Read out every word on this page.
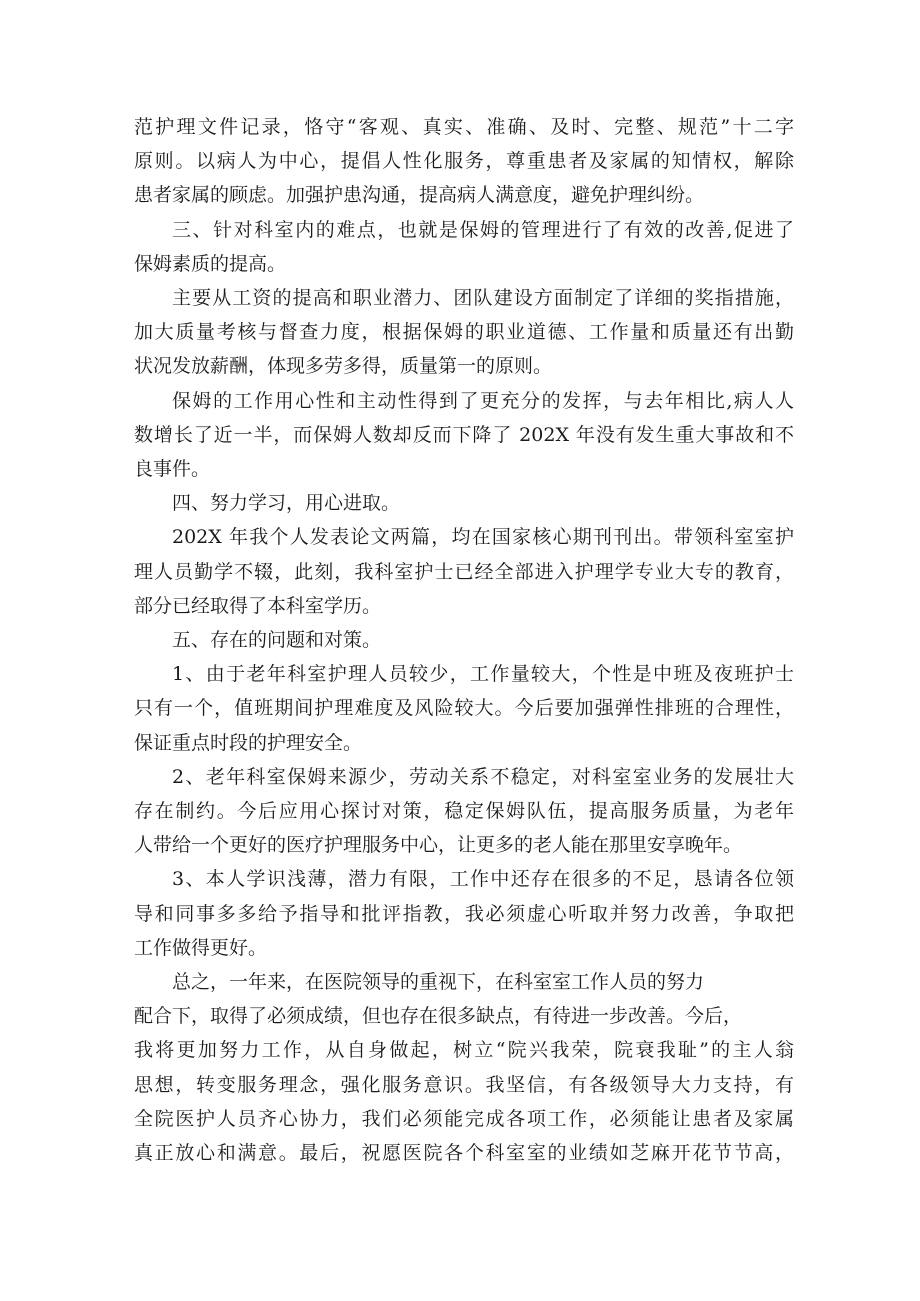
范护理文件记录，恪守“客观、真实、准确、及时、完整、规范”十二字
原则。以病人为中心，提倡人性化服务，尊重患者及家属的知情权，解除
患者家属的顾虑。加强护患沟通，提高病人满意度，避免护理纠纷。
三、针对科室内的难点，也就是保姆的管理进行了有效的改善,促进了
保姆素质的提高。
主要从工资的提高和职业潜力、团队建设方面制定了详细的奖指措施，
加大质量考核与督查力度，根据保姆的职业道德、工作量和质量还有出勤
状况发放薪酬，体现多劳多得，质量第一的原则。
保姆的工作用心性和主动性得到了更充分的发挥，与去年相比,病人人
数增长了近一半，而保姆人数却反而下降了 202X 年没有发生重大事故和不
良事件。
四、努力学习，用心进取。
202X 年我个人发表论文两篇，均在国家核心期刊刊出。带领科室室护
理人员勤学不辍，此刻，我科室护士已经全部进入护理学专业大专的教育，
部分已经取得了本科室学历。
五、存在的问题和对策。
1、由于老年科室护理人员较少，工作量较大，个性是中班及夜班护士
只有一个，值班期间护理难度及风险较大。今后要加强弹性排班的合理性，
保证重点时段的护理安全。
2、老年科室保姆来源少，劳动关系不稳定，对科室室业务的发展壮大
存在制约。今后应用心探讨对策，稳定保姆队伍，提高服务质量，为老年
人带给一个更好的医疗护理服务中心，让更多的老人能在那里安享晚年。
3、本人学识浅薄，潜力有限，工作中还存在很多的不足，恳请各位领
导和同事多多给予指导和批评指教，我必须虚心听取并努力改善，争取把
工作做得更好。
总之，一年来，在医院领导的重视下，在科室室工作人员的努力
配合下，取得了必须成绩，但也存在很多缺点，有待进一步改善。今后，
我将更加努力工作，从自身做起，树立“院兴我荣，院衰我耻”的主人翁
思想，转变服务理念，强化服务意识。我坚信，有各级领导大力支持，有
全院医护人员齐心协力，我们必须能完成各项工作，必须能让患者及家属
真正放心和满意。最后，祝愿医院各个科室室的业绩如芝麻开花节节高，
